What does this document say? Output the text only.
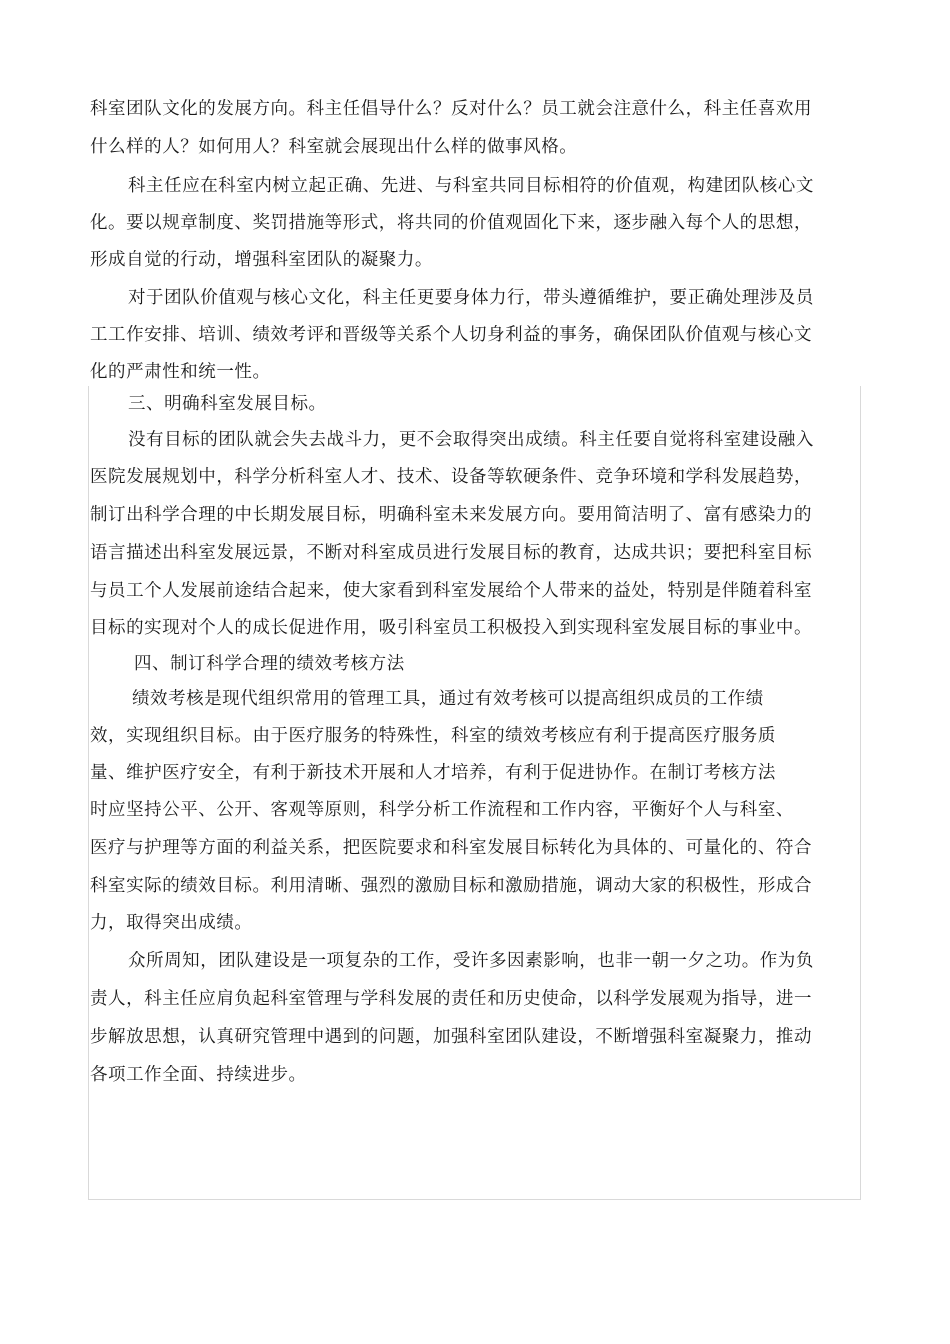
科室团队文化的发展方向。科主任倡导什么？反对什么？员工就会注意什么，科主任喜欢用
什么样的人？如何用人？科室就会展现出什么样的做事风格。
科主任应在科室内树立起正确、先进、与科室共同目标相符的价值观，构建团队核心文
化。要以规章制度、奖罚措施等形式，将共同的价值观固化下来，逐步融入每个人的思想，
形成自觉的行动，增强科室团队的凝聚力。
对于团队价值观与核心文化，科主任更要身体力行，带头遵循维护，要正确处理涉及员
工工作安排、培训、绩效考评和晋级等关系个人切身利益的事务，确保团队价值观与核心文
化的严肃性和统一性。
三、明确科室发展目标。
没有目标的团队就会失去战斗力，更不会取得突出成绩。科主任要自觉将科室建设融入
医院发展规划中，科学分析科室人才、技术、设备等软硬条件、竞争环境和学科发展趋势，
制订出科学合理的中长期发展目标，明确科室未来发展方向。要用简洁明了、富有感染力的
语言描述出科室发展远景，不断对科室成员进行发展目标的教育，达成共识；要把科室目标
与员工个人发展前途结合起来，使大家看到科室发展给个人带来的益处，特别是伴随着科室
目标的实现对个人的成长促进作用，吸引科室员工积极投入到实现科室发展目标的事业中。
四、制订科学合理的绩效考核方法
绩效考核是现代组织常用的管理工具，通过有效考核可以提高组织成员的工作绩
效，实现组织目标。由于医疗服务的特殊性，科室的绩效考核应有利于提高医疗服务质
量、维护医疗安全，有利于新技术开展和人才培养，有利于促进协作。在制订考核方法
时应坚持公平、公开、客观等原则，科学分析工作流程和工作内容，平衡好个人与科室、
医疗与护理等方面的利益关系，把医院要求和科室发展目标转化为具体的、可量化的、符合
科室实际的绩效目标。利用清晰、强烈的激励目标和激励措施，调动大家的积极性，形成合
力，取得突出成绩。
众所周知，团队建设是一项复杂的工作，受许多因素影响，也非一朝一夕之功。作为负
责人，科主任应肩负起科室管理与学科发展的责任和历史使命，以科学发展观为指导，进一
步解放思想，认真研究管理中遇到的问题，加强科室团队建设，不断增强科室凝聚力，推动
各项工作全面、持续进步。
